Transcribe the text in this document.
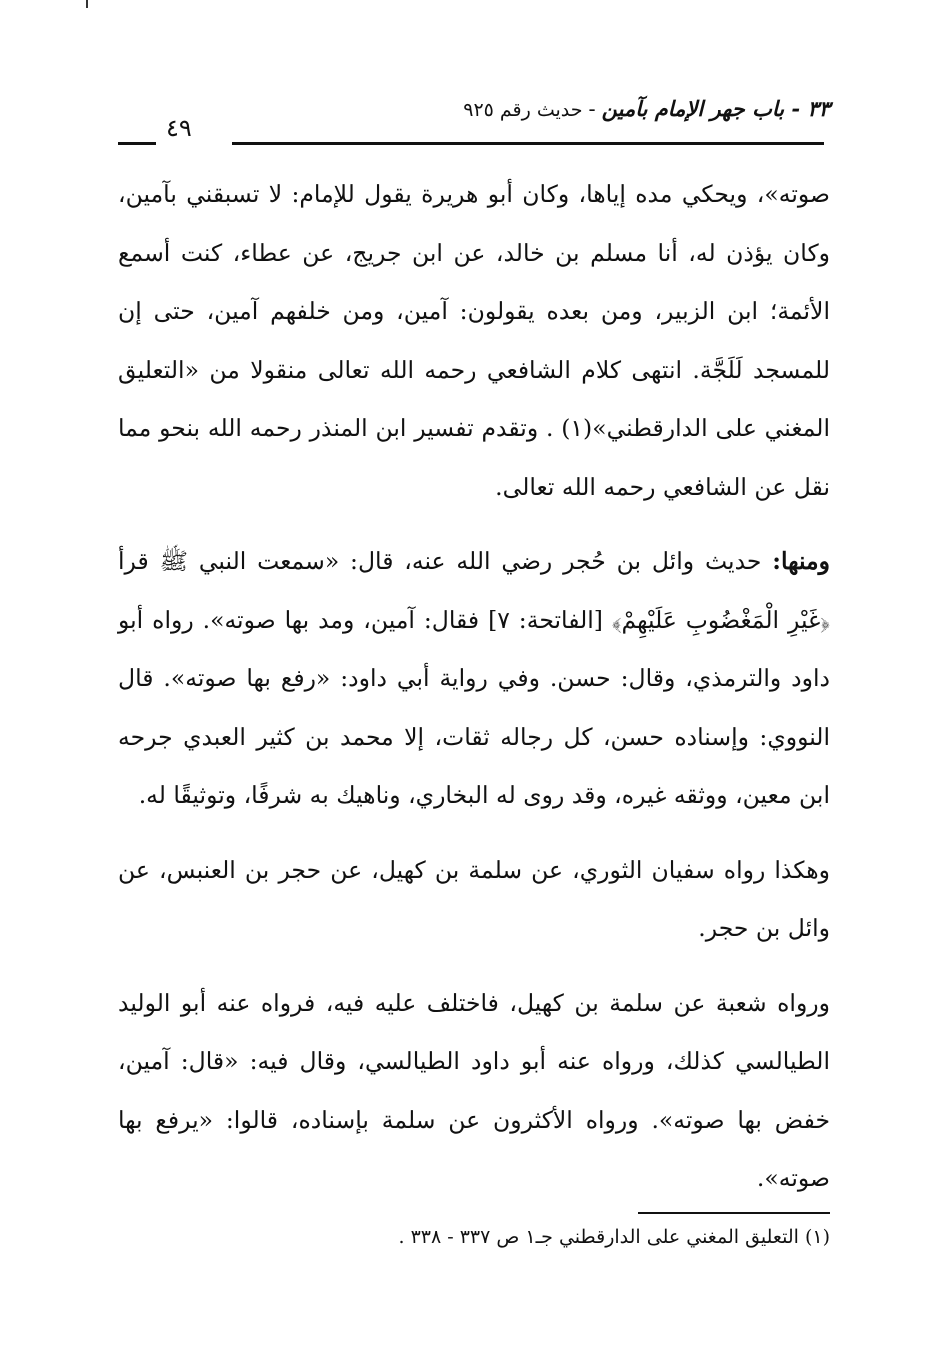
٣٣ - باب جهر الإمام بآمين-حديث رقم ٩٢٥
٤٩

صوته»، ويحكي مده إياها، وكان أبو هريرة يقول للإمام: لا تسبقني بآمين، وكان يؤذن له، أنا مسلم بن خالد، عن ابن جريج، عن عطاء، كنت أسمع الأئمة؛ ابن الزبير، ومن بعده يقولون: آمين، ومن خلفهم آمين، حتى إن للمسجد لَلَجَّة. انتهى كلام الشافعي رحمه الله تعالى منقولا من «التعليق المغني على الدارقطني»(١) . وتقدم تفسير ابن المنذر رحمه الله بنحو مما نقل عن الشافعي رحمه الله تعالى.

ومنها: حديث وائل بن حُجر رضي الله عنه، قال: «سمعت النبي ﷺ قرأ ﴿غَيْرِ الْمَغْضُوبِ عَلَيْهِمْ﴾ [الفاتحة: ٧] فقال: آمين، ومد بها صوته». رواه أبو داود والترمذي، وقال: حسن. وفي رواية أبي داود: «رفع بها صوته». قال النووي: وإسناده حسن، كل رجاله ثقات، إلا محمد بن كثير العبدي جرحه ابن معين، ووثقه غيره، وقد روى له البخاري، وناهيك به شرفًا، وتوثيقًا له.

وهكذا رواه سفيان الثوري، عن سلمة بن كهيل، عن حجر بن العنبس، عن وائل بن حجر.

ورواه شعبة عن سلمة بن كهيل، فاختلف عليه فيه، فرواه عنه أبو الوليد الطيالسي كذلك، ورواه عنه أبو داود الطيالسي، وقال فيه: «قال: آمين، خفض بها صوته». ورواه الأكثرون عن سلمة بإسناده، قالوا: «يرفع بها صوته».

(١) التعليق المغني على الدارقطني جـ١ ص ٣٣٧ - ٣٣٨ .
